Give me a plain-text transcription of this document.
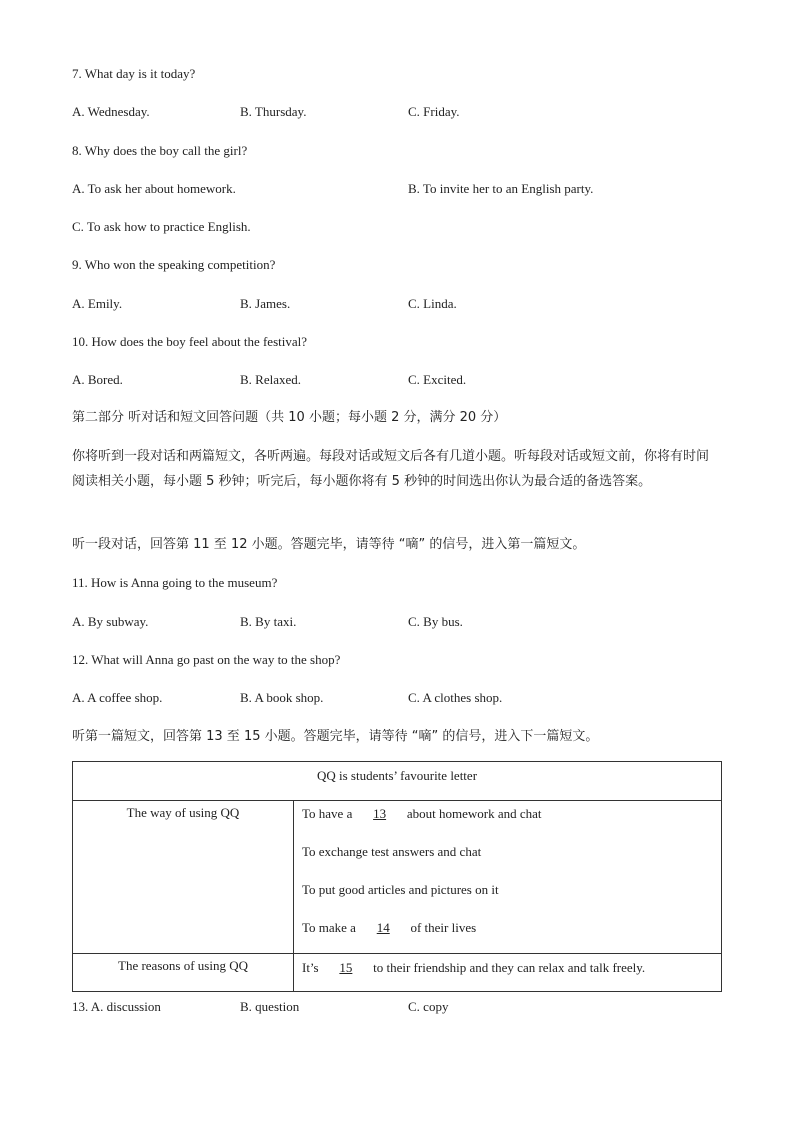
7. What day is it today?
A. Wednesday.	B. Thursday.	C. Friday.
8. Why does the boy call the girl?
A. To ask her about homework.	B. To invite her to an English party.
C. To ask how to practice English.
9. Who won the speaking competition?
A. Emily.	B. James.	C. Linda.
10. How does the boy feel about the festival?
A. Bored.	B. Relaxed.	C. Excited.
第二部分 听对话和短文回答问题（共 10 小题；每小题 2 分，满分 20 分）
你将听到一段对话和两篇短文，各听两遍。每段对话或短文后各有几道小题。听每段对话或短文前，你将有时间阅读相关小题，每小题 5 秒钟；听完后，每小题你将有 5 秒钟的时间选出你认为最合适的备选答案。
听一段对话，回答第 11 至 12 小题。答题完毕，请等待 “嘀” 的信号，进入第一篇短文。
11. How is Anna going to the museum?
A. By subway.	B. By taxi.	C. By bus.
12. What will Anna go past on the way to the shop?
A. A coffee shop.	B. A book shop.	C. A clothes shop.
听第一篇短文，回答第 13 至 15 小题。答题完毕，请等待 “嘀” 的信号，进入下一篇短文。
QQ is students’ favourite letter	
The way of using QQ	To have a 13 about homework and chat
To exchange test answers and chat
To put good articles and pictures on it
To make a 14 of their lives

The reasons of using QQ	It’s 15 to their friendship and they can relax and talk freely.
13. A. discussion	B. question	C. copy
